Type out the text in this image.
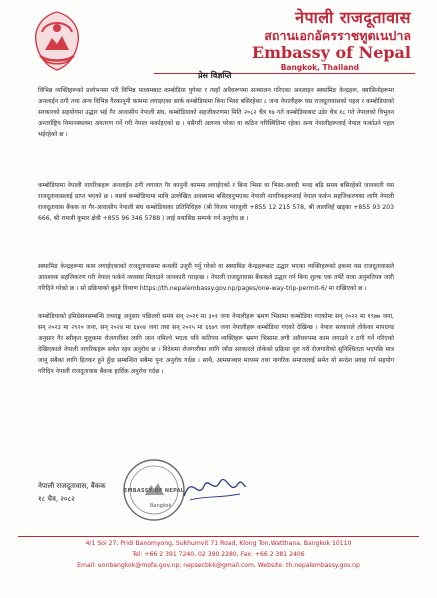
नेपाली राजदूतावास
สถานเอกอัครราชทูตเนปาล
Embassy of Nepal
Bangkok, Thailand
प्रेस विज्ञप्ति

विभिन्न व्यक्तिहरूको प्रलोभनमा परी विभिन्न माध्यमबाट कम्बोडिया पुगेका र त्यहाँ अवैधरूपमा सञ्चालन गरिएका अनलाइन स्क्यामिङ केन्द्रहरू, क्यासिनोहरूमा अनलाईन ठगी तथा अन्य विभिन्न गैरकानूनी काममा लगाइएका सार्क कम्बोडियामा बिना भिसा बसिरहेका ८ जना नेपालीहरू यस राजदूतावासको पहल र कम्बोडियाको सरकारको सहयोगमा उद्धार भई गैर आवासीय नेपाली संघ, कम्बोडियाको सहजीकरणमा मिति २०८२ चैत्र १७ गते कम्बोडियाबाट उडेर चैत्र १८ गते नेपालको त्रिभुवन अन्तर्राष्ट्रिय विमानस्थलमा अवतरण गर्ने गरी नेपाल फर्काइएको छ । यसैगरी अलपत्र परेका वा कठिन परिस्थितिमा रहेका अन्य नेपालीहरूलाई नेपाल फर्काउने पहल भईरहेको छ ।

कम्बोडियामा नेपाली नागरिकहरू अनलाईन ठगी लगायत गैर कानुनी काममा लगाईएको र बिना भिसा वा भिसा-अवधी भन्दा बढि समय बसिरहेको जानकारी यस राजदूतावासलाई प्राप्त भएको छ । यसर्थ कम्बोडियामा माथि उल्लेखित अवस्थामा बसिरहनुभएका नेपाली नागरिकहरूलाई नेपाल फर्कन सहजिकरणका लागि नेपाली राजदूतावास बैंकक वा गैर-आवासीय नेपाली संघ कम्बोडियाका प्रतिनिधिहरु (श्री विजय पराजुली +855 12 215 578, श्री लालविहँ खड्का +855 93 203 666, श्री रामजी कुमार क्षेत्री +855 96 346 5788 ) लाई यथासिघ्र सम्पर्क गर्न अनुरोध छ ।

स्क्यामिङ केन्द्रहरूमा काम लगाईएकाको राजदूतावासमा बन्धकी उजुरी गर्नु गरेको वा स्क्यामिङ केन्द्रहरूबाट उद्धार भएका व्यक्तिहरूको हकमा यस राजदूतावासले आवश्यक सहजिकरण गरी नेपाल फर्कने व्यवस्था मिलाउने जानकारी गराइन्छ । नेपाली राजदूतावास बैंककले उद्धार गर्न बिना शुल्क एक तर्फी यात्रा अनुमतिपत्र जारी गरिदिने गरेको छ । सो प्रक्रियाको बुझ्ने विवरण https://th.nepalembassy.gov.np/pages/one-way-trip-permit-6/ मा राखिएको छ ।

कम्बोडियाको इमिग्रेसनसम्बन्धि तथ्याङ्क अनुसार पछिल्लो समय सन् २०२१ मा ३०१ जना नेपालीहरू भ्रमण भिसामा कम्बोडिया गएकोमा सन् २०२२ मा १९७७ जना, सन् २०२३ मा २९२० जना, सन् २०२४ मा ६४०४ जना तथा सन् २०२५ मा ६६७९ जना नेपालीहरू कम्बोडिया गएको देखिन्छ । नेपाल सरकारले तोकेका मापदण्ड अनुसार गैर स्वीकृत मुलुकमा रोजगारीका लागि जान नमिल्ने भएता पनि कतिपय व्यक्तिहरू भ्रमण भिसामा लगी अवैधरुपमा काम लगाउने र ठगी गर्ने गरिएको देखिएकाले नेपाली नागरिकहरू सचेत रहन अनुरोध छ । विदेशमा रोजगारीका लागि जाँदा सरकारले तोकेको प्रक्रिया पूरा गरी रोजगारीको सुनिश्चितता भएपछि मात्र जानु सबैका लागि हितकर हुने हुँदा सम्बन्धित सबैमा पुनः अनुरोध गर्दछ । साथै, आमसञ्चार माध्यम तथा नागरिक समाजलाई समेत यो सन्देश प्रवाह गर्न सहयोग गरिदिन नेपाली राजदूतावास बैंकक हार्दिक अनुरोध गर्दछ ।

नेपाली राजदूतावास, बैंकक
१८ चैत्र, २०८२
EMBASSY OF NEPAL
Bangkok
4/1 Soi 27, Pridi Banomyong, Sukhumvit 71 Road, Klong Ton,Watthana, Bangkok 10110
Tel: +66 2 391 7240, 02 390 2280, Fax: +66 2 381 2406
Email: eonbangkok@mofa.gov.np; nepsecbkk@gmail.com, Website: th.nepalembassy.gov.np
